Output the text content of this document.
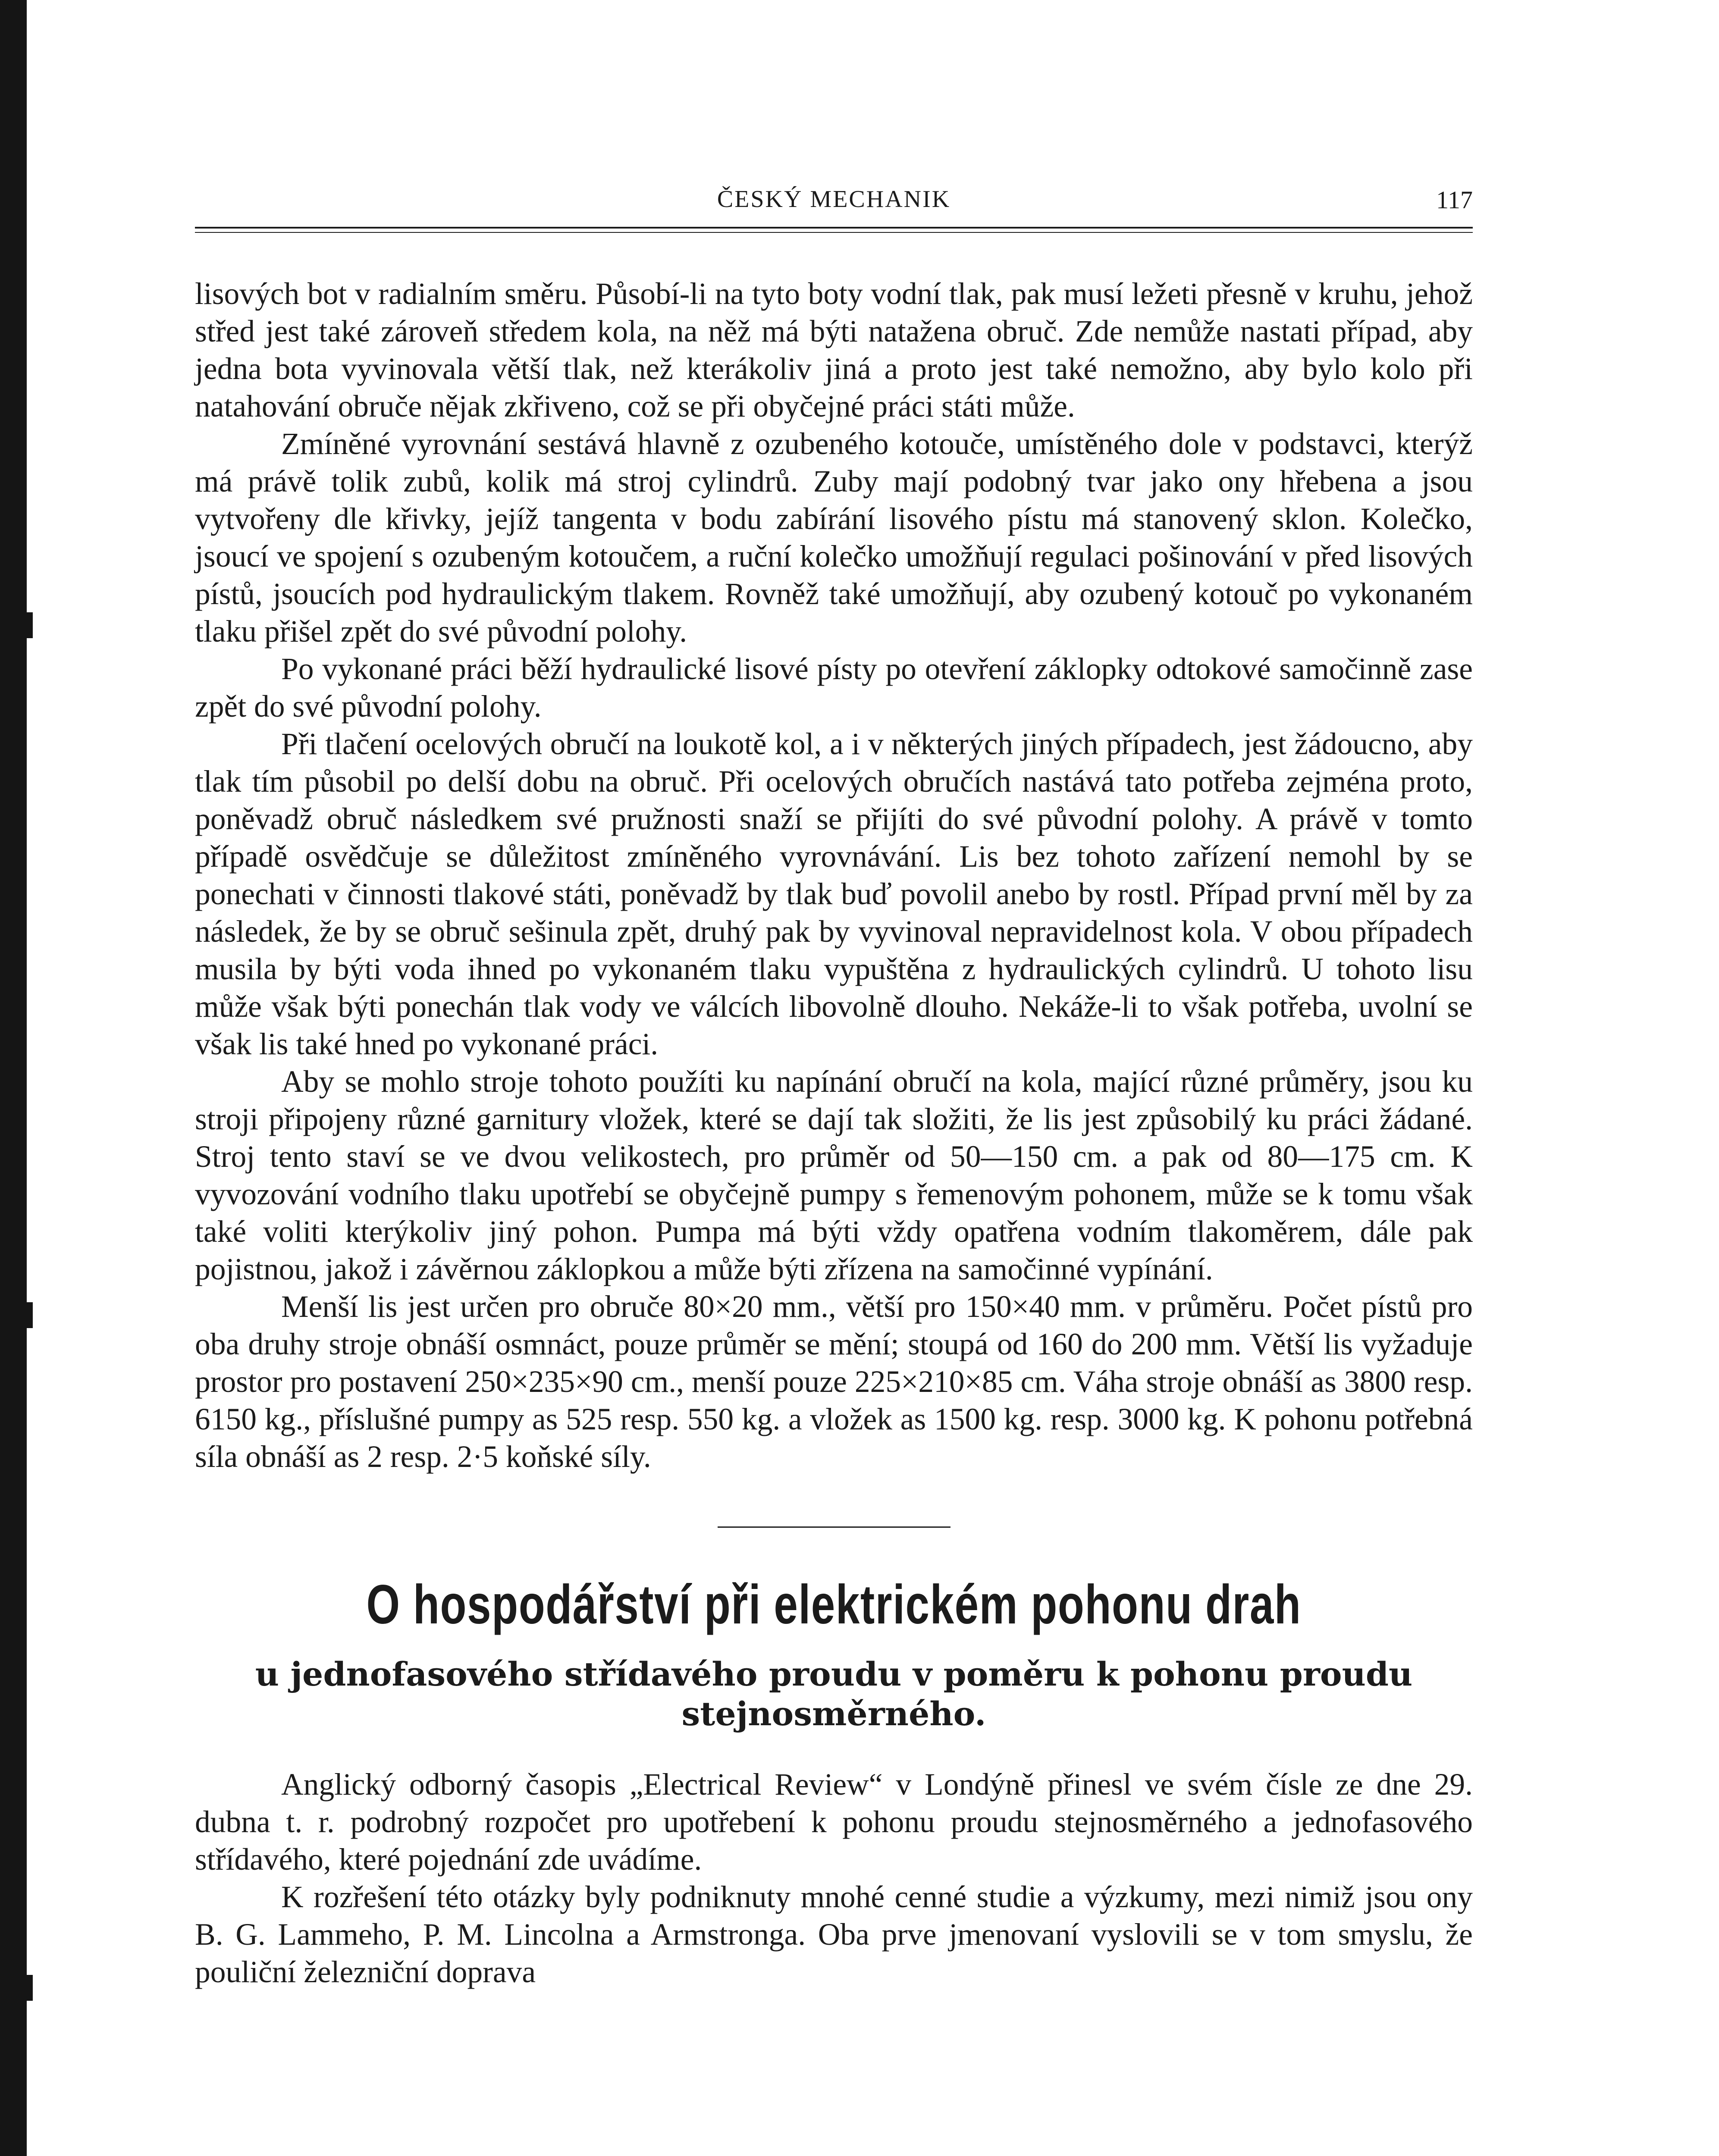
ČESKÝ MECHANIK	117

lisových bot v radialním směru. Působí-li na tyto boty vodní tlak, pak musí ležeti přesně v kruhu, jehož střed jest také zároveň středem kola, na něž má býti natažena obruč. Zde nemůže nastati případ, aby jedna bota vyvinovala větší tlak, než kterákoliv jiná a proto jest také nemožno, aby bylo kolo při natahování obruče nějak zkřiveno, což se při obyčejné práci státi může.

Zmíněné vyrovnání sestává hlavně z ozubeného kotouče, umístěného dole v podstavci, kterýž má právě tolik zubů, kolik má stroj cylindrů. Zuby mají podobný tvar jako ony hřebena a jsou vytvořeny dle křivky, jejíž tangenta v bodu zabírání lisového pístu má stanovený sklon. Kolečko, jsoucí ve spojení s ozubeným kotoučem, a ruční kolečko umožňují regulaci pošinování v před lisových pístů, jsoucích pod hydraulickým tlakem. Rovněž také umožňují, aby ozubený kotouč po vykonaném tlaku přišel zpět do své původní polohy.

Po vykonané práci běží hydraulické lisové písty po otevření záklopky odtokové samočinně zase zpět do své původní polohy.

Při tlačení ocelových obručí na loukotě kol, a i v některých jiných případech, jest žádoucno, aby tlak tím působil po delší dobu na obruč. Při ocelových obručích nastává tato potřeba zejména proto, poněvadž obruč následkem své pružnosti snaží se přijíti do své původní polohy. A právě v tomto případě osvědčuje se důležitost zmíněného vyrovnávání. Lis bez tohoto zařízení nemohl by se ponechati v činnosti tlakové státi, poněvadž by tlak buď povolil anebo by rostl. Případ první měl by za následek, že by se obruč sešinula zpět, druhý pak by vyvinoval nepravidelnost kola. V obou případech musila by býti voda ihned po vykonaném tlaku vypuštěna z hydraulických cylindrů. U tohoto lisu může však býti ponechán tlak vody ve válcích libovolně dlouho. Nekáže-li to však potřeba, uvolní se však lis také hned po vykonané práci.

Aby se mohlo stroje tohoto použíti ku napínání obručí na kola, mající různé průměry, jsou ku stroji připojeny různé garnitury vložek, které se dají tak složiti, že lis jest způsobilý ku práci žádané. Stroj tento staví se ve dvou velikostech, pro průměr od 50—150 cm. a pak od 80—175 cm. K vyvozování vodního tlaku upotřebí se obyčejně pumpy s řemenovým pohonem, může se k tomu však také voliti kterýkoliv jiný pohon. Pumpa má býti vždy opatřena vodním tlakoměrem, dále pak pojistnou, jakož i závěrnou záklopkou a může býti zřízena na samočinné vypínání.

Menší lis jest určen pro obruče 80×20 mm., větší pro 150×40 mm. v průměru. Počet pístů pro oba druhy stroje obnáší osmnáct, pouze průměr se mění; stoupá od 160 do 200 mm. Větší lis vyžaduje prostor pro postavení 250×235×90 cm., menší pouze 225×210×85 cm. Váha stroje obnáší as 3800 resp. 6150 kg., příslušné pumpy as 525 resp. 550 kg. a vložek as 1500 kg. resp. 3000 kg. K pohonu potřebná síla obnáší as 2 resp. 2·5 koňské síly.

O hospodářství při elektrickém pohonu drah
u jednofasového střídavého proudu v poměru k pohonu proudu stejnosměrného.

Anglický odborný časopis „Electrical Review“ v Londýně přinesl ve svém čísle ze dne 29. dubna t. r. podrobný rozpočet pro upotřebení k pohonu proudu stejnosměrného a jednofasového střídavého, které pojednání zde uvádíme.

K rozřešení této otázky byly podniknuty mnohé cenné studie a výzkumy, mezi nimiž jsou ony B. G. Lammeho, P. M. Lincolna a Armstronga. Oba prve jmenovaní vyslovili se v tom smyslu, že pouliční železniční doprava
